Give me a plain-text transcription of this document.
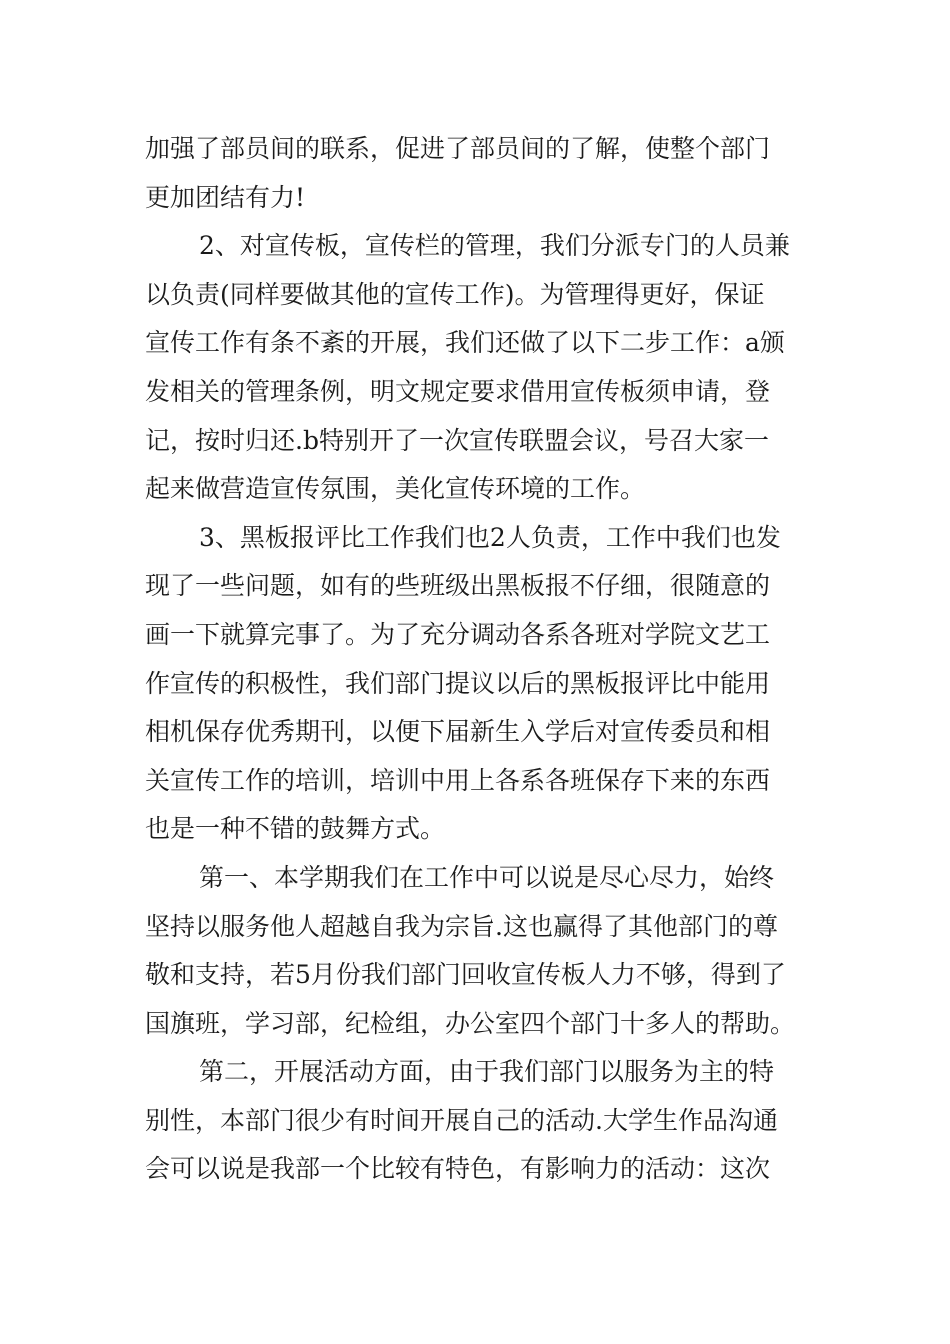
加强了部员间的联系，促进了部员间的了解，使整个部门
更加团结有力!
2、对宣传板，宣传栏的管理，我们分派专门的人员兼
以负责(同样要做其他的宣传工作)。为管理得更好，保证
宣传工作有条不紊的开展，我们还做了以下二步工作：a颁
发相关的管理条例，明文规定要求借用宣传板须申请，登
记，按时归还.b特别开了一次宣传联盟会议，号召大家一
起来做营造宣传氛围，美化宣传环境的工作。
3、黑板报评比工作我们也2人负责，工作中我们也发
现了一些问题，如有的些班级出黑板报不仔细，很随意的
画一下就算完事了。为了充分调动各系各班对学院文艺工
作宣传的积极性，我们部门提议以后的黑板报评比中能用
相机保存优秀期刊，以便下届新生入学后对宣传委员和相
关宣传工作的培训，培训中用上各系各班保存下来的东西
也是一种不错的鼓舞方式。
第一、本学期我们在工作中可以说是尽心尽力，始终
坚持以服务他人超越自我为宗旨.这也赢得了其他部门的尊
敬和支持，若5月份我们部门回收宣传板人力不够，得到了
国旗班，学习部，纪检组，办公室四个部门十多人的帮助。
第二，开展活动方面，由于我们部门以服务为主的特
别性，本部门很少有时间开展自己的活动.大学生作品沟通
会可以说是我部一个比较有特色，有影响力的活动：这次
